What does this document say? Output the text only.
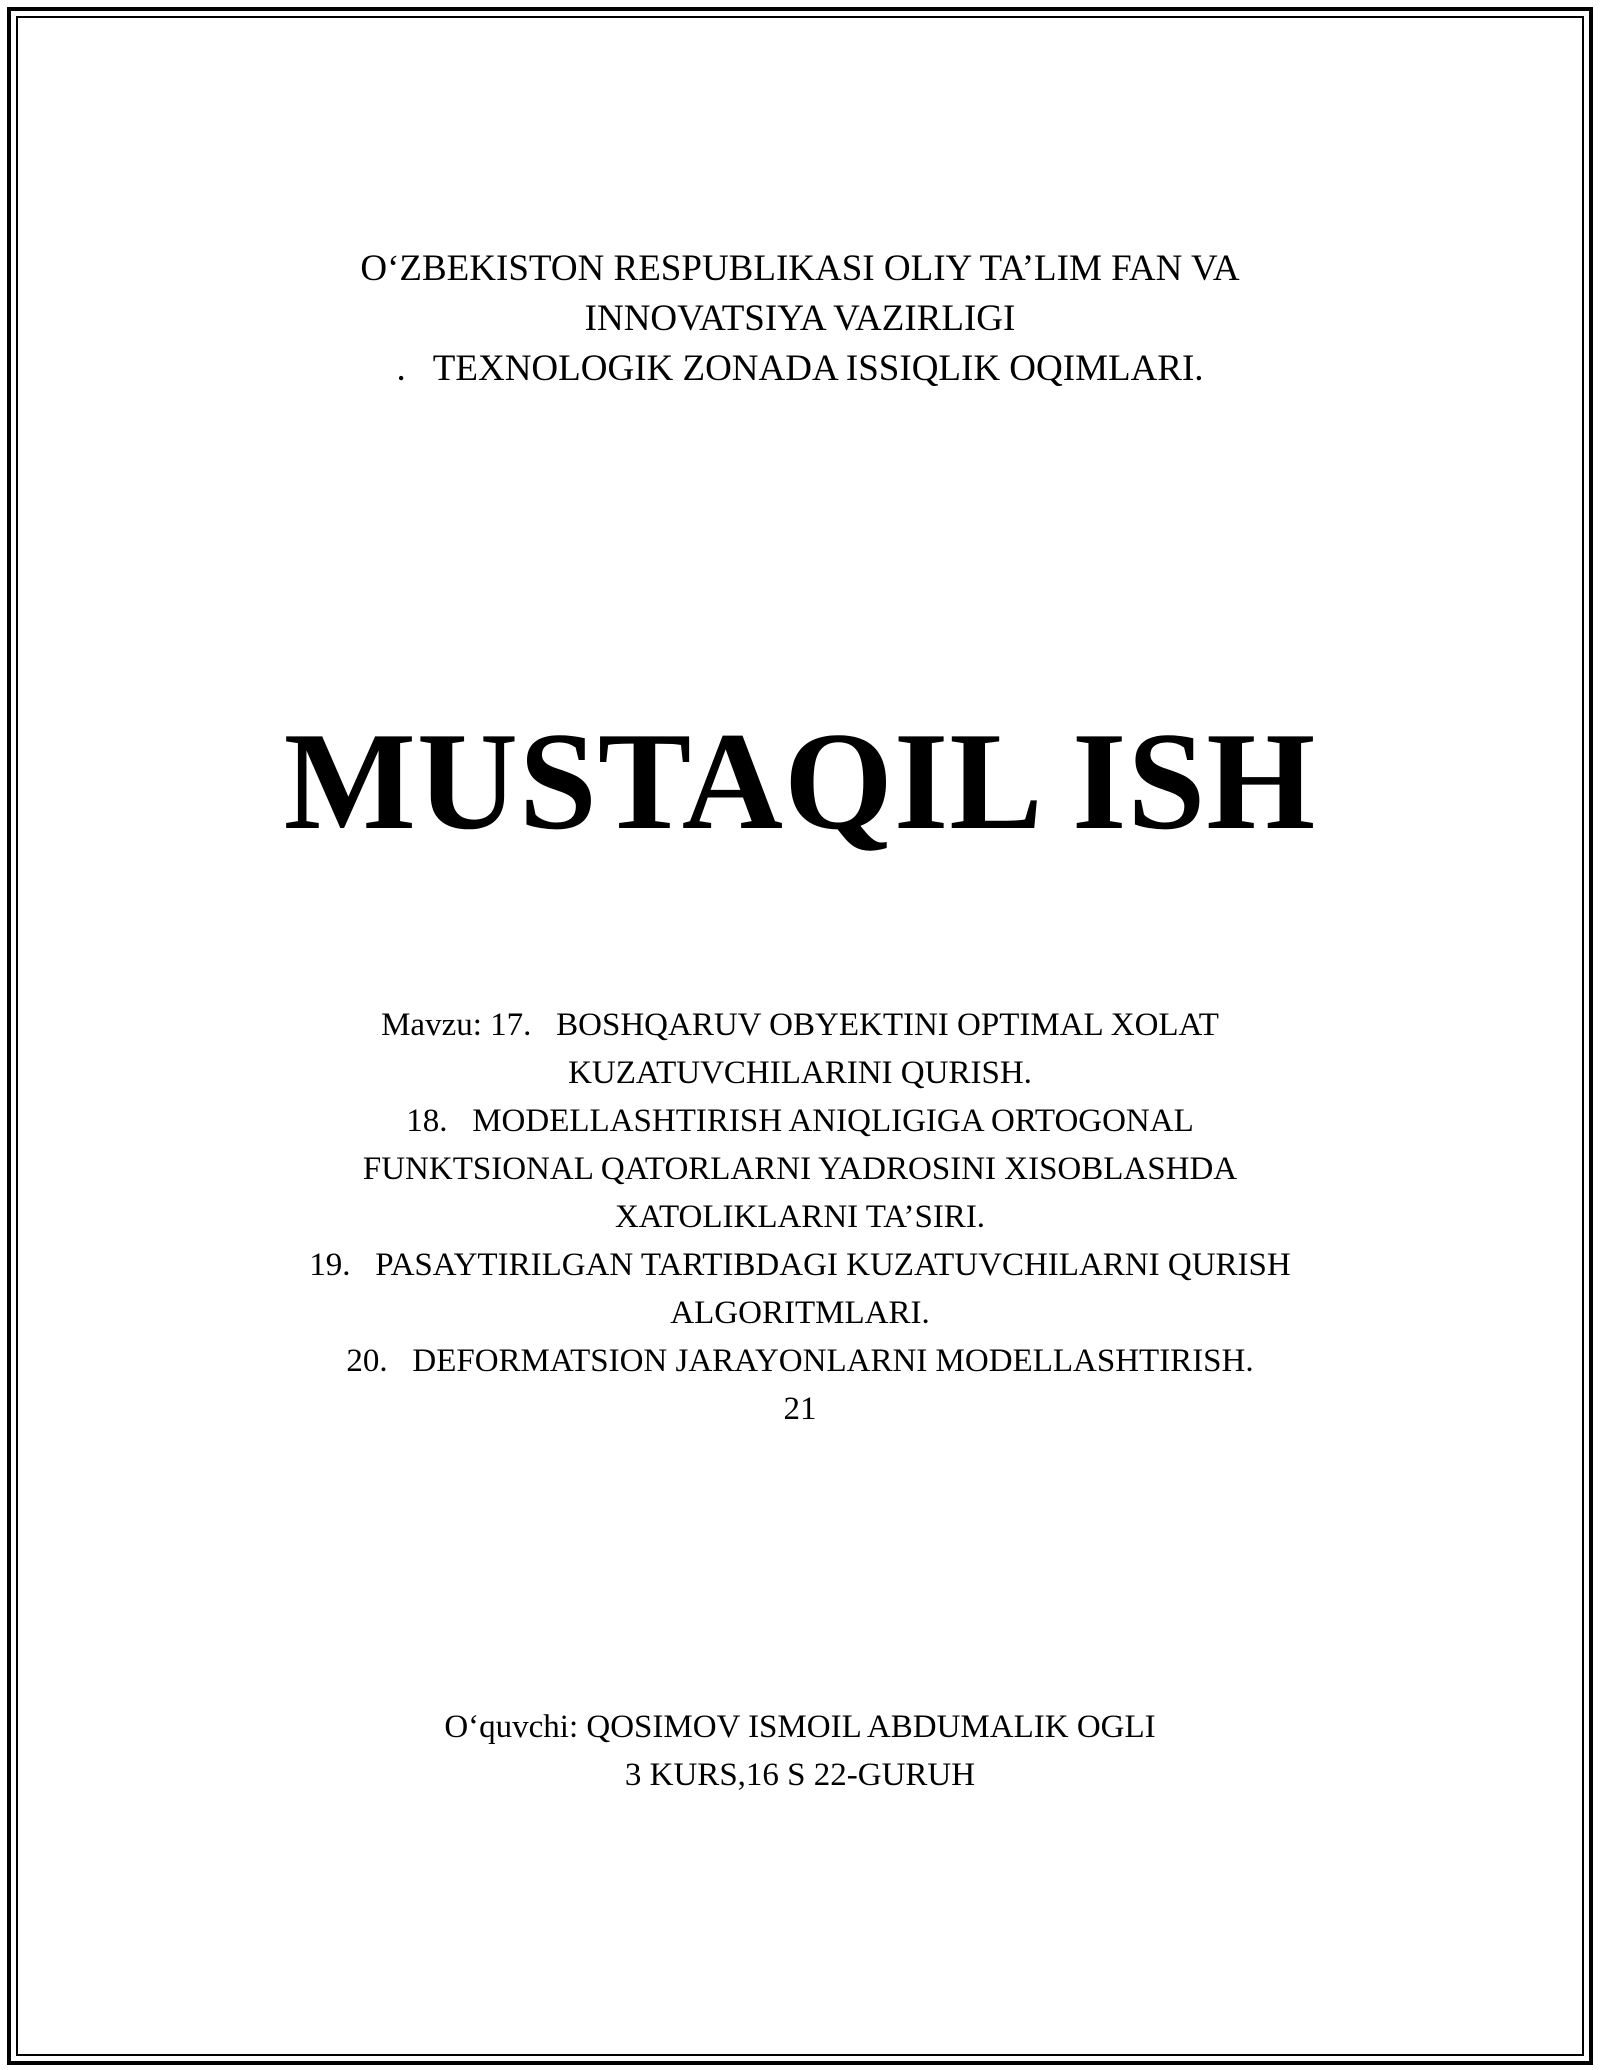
O‘ZBEKISTON RESPUBLIKASI OLIY TA’LIM FAN VA
INNOVATSIYA VAZIRLIGI
.   TEXNOLOGIK ZONADA ISSIQLIK OQIMLARI.
MUSTAQIL ISH
Mavzu: 17.   BOSHQARUV OBYEKTINI OPTIMAL XOLAT
KUZATUVCHILARINI QURISH.
18.   MODELLASHTIRISH ANIQLIGIGA ORTOGONAL
FUNKTSIONAL QATORLARNI YADROSINI XISOBLASHDA
XATOLIKLARNI TA’SIRI.
19.   PASAYTIRILGAN TARTIBDAGI KUZATUVCHILARNI QURISH
ALGORITMLARI.
20.   DEFORMATSION JARAYONLARNI MODELLASHTIRISH.
21
O‘quvchi: QOSIMOV ISMOIL ABDUMALIK OGLI
3 KURS,16 S 22-GURUH
